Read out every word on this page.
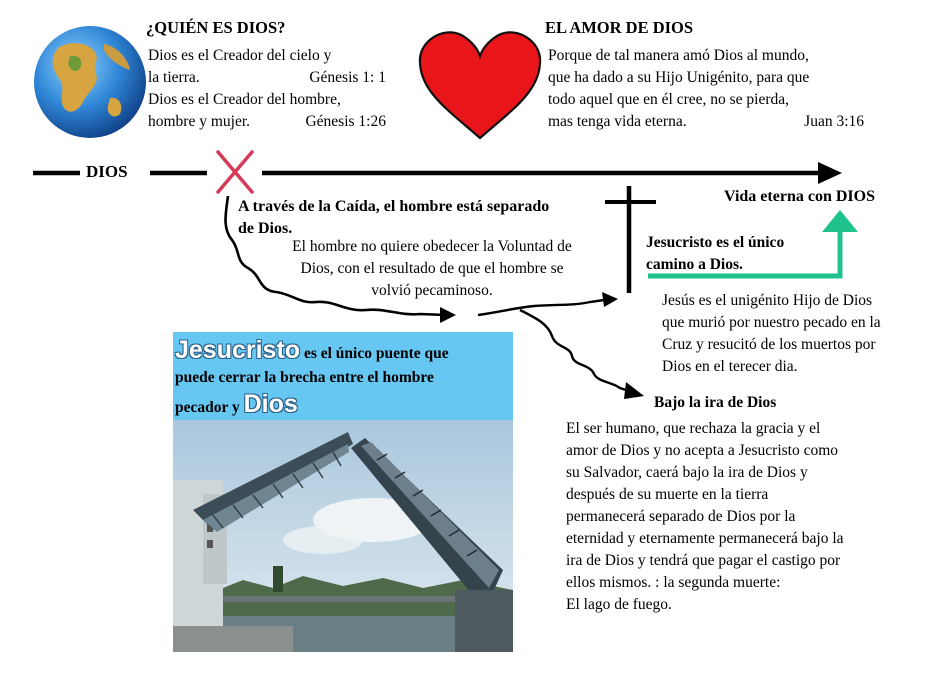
¿QUIÉN ES DIOS?
Dios es el Creador del cielo y
la tierra.	Génesis 1: 1
Dios es el Creador del hombre,
hombre y mujer.	Génesis 1:26
EL AMOR DE DIOS
Porque de tal manera amó Dios al mundo,
que ha dado a su Hijo Unigénito, para que
todo aquel que en él cree, no se pierda,
mas tenga vida eterna.	Juan 3:16
DIOS
Vida eterna con DIOS
A través de la Caída, el hombre está separado
de Dios.
El hombre no quiere obedecer la Voluntad de
Dios, con el resultado de que el hombre se
volvió pecaminoso.
Jesucristo es el único
camino a Dios.
Jesús es el unigénito Hijo de Dios
que murió por nuestro pecado en la
Cruz y resucitó de los muertos por
Dios en el terecer dia.
Jesucristo es el único puente que
puede cerrar la brecha entre el hombre
pecador y Dios	Bajo la ira de Dios
El ser humano, que rechaza la gracia y el
amor de Dios y no acepta a Jesucristo como
su Salvador, caerá bajo la ira de Dios y
después de su muerte en la tierra
permanecerá separado de Dios por la
eternidad y eternamente permanecerá bajo la
ira de Dios y tendrá que pagar el castigo por
ellos mismos. : la segunda muerte:
El lago de fuego.
